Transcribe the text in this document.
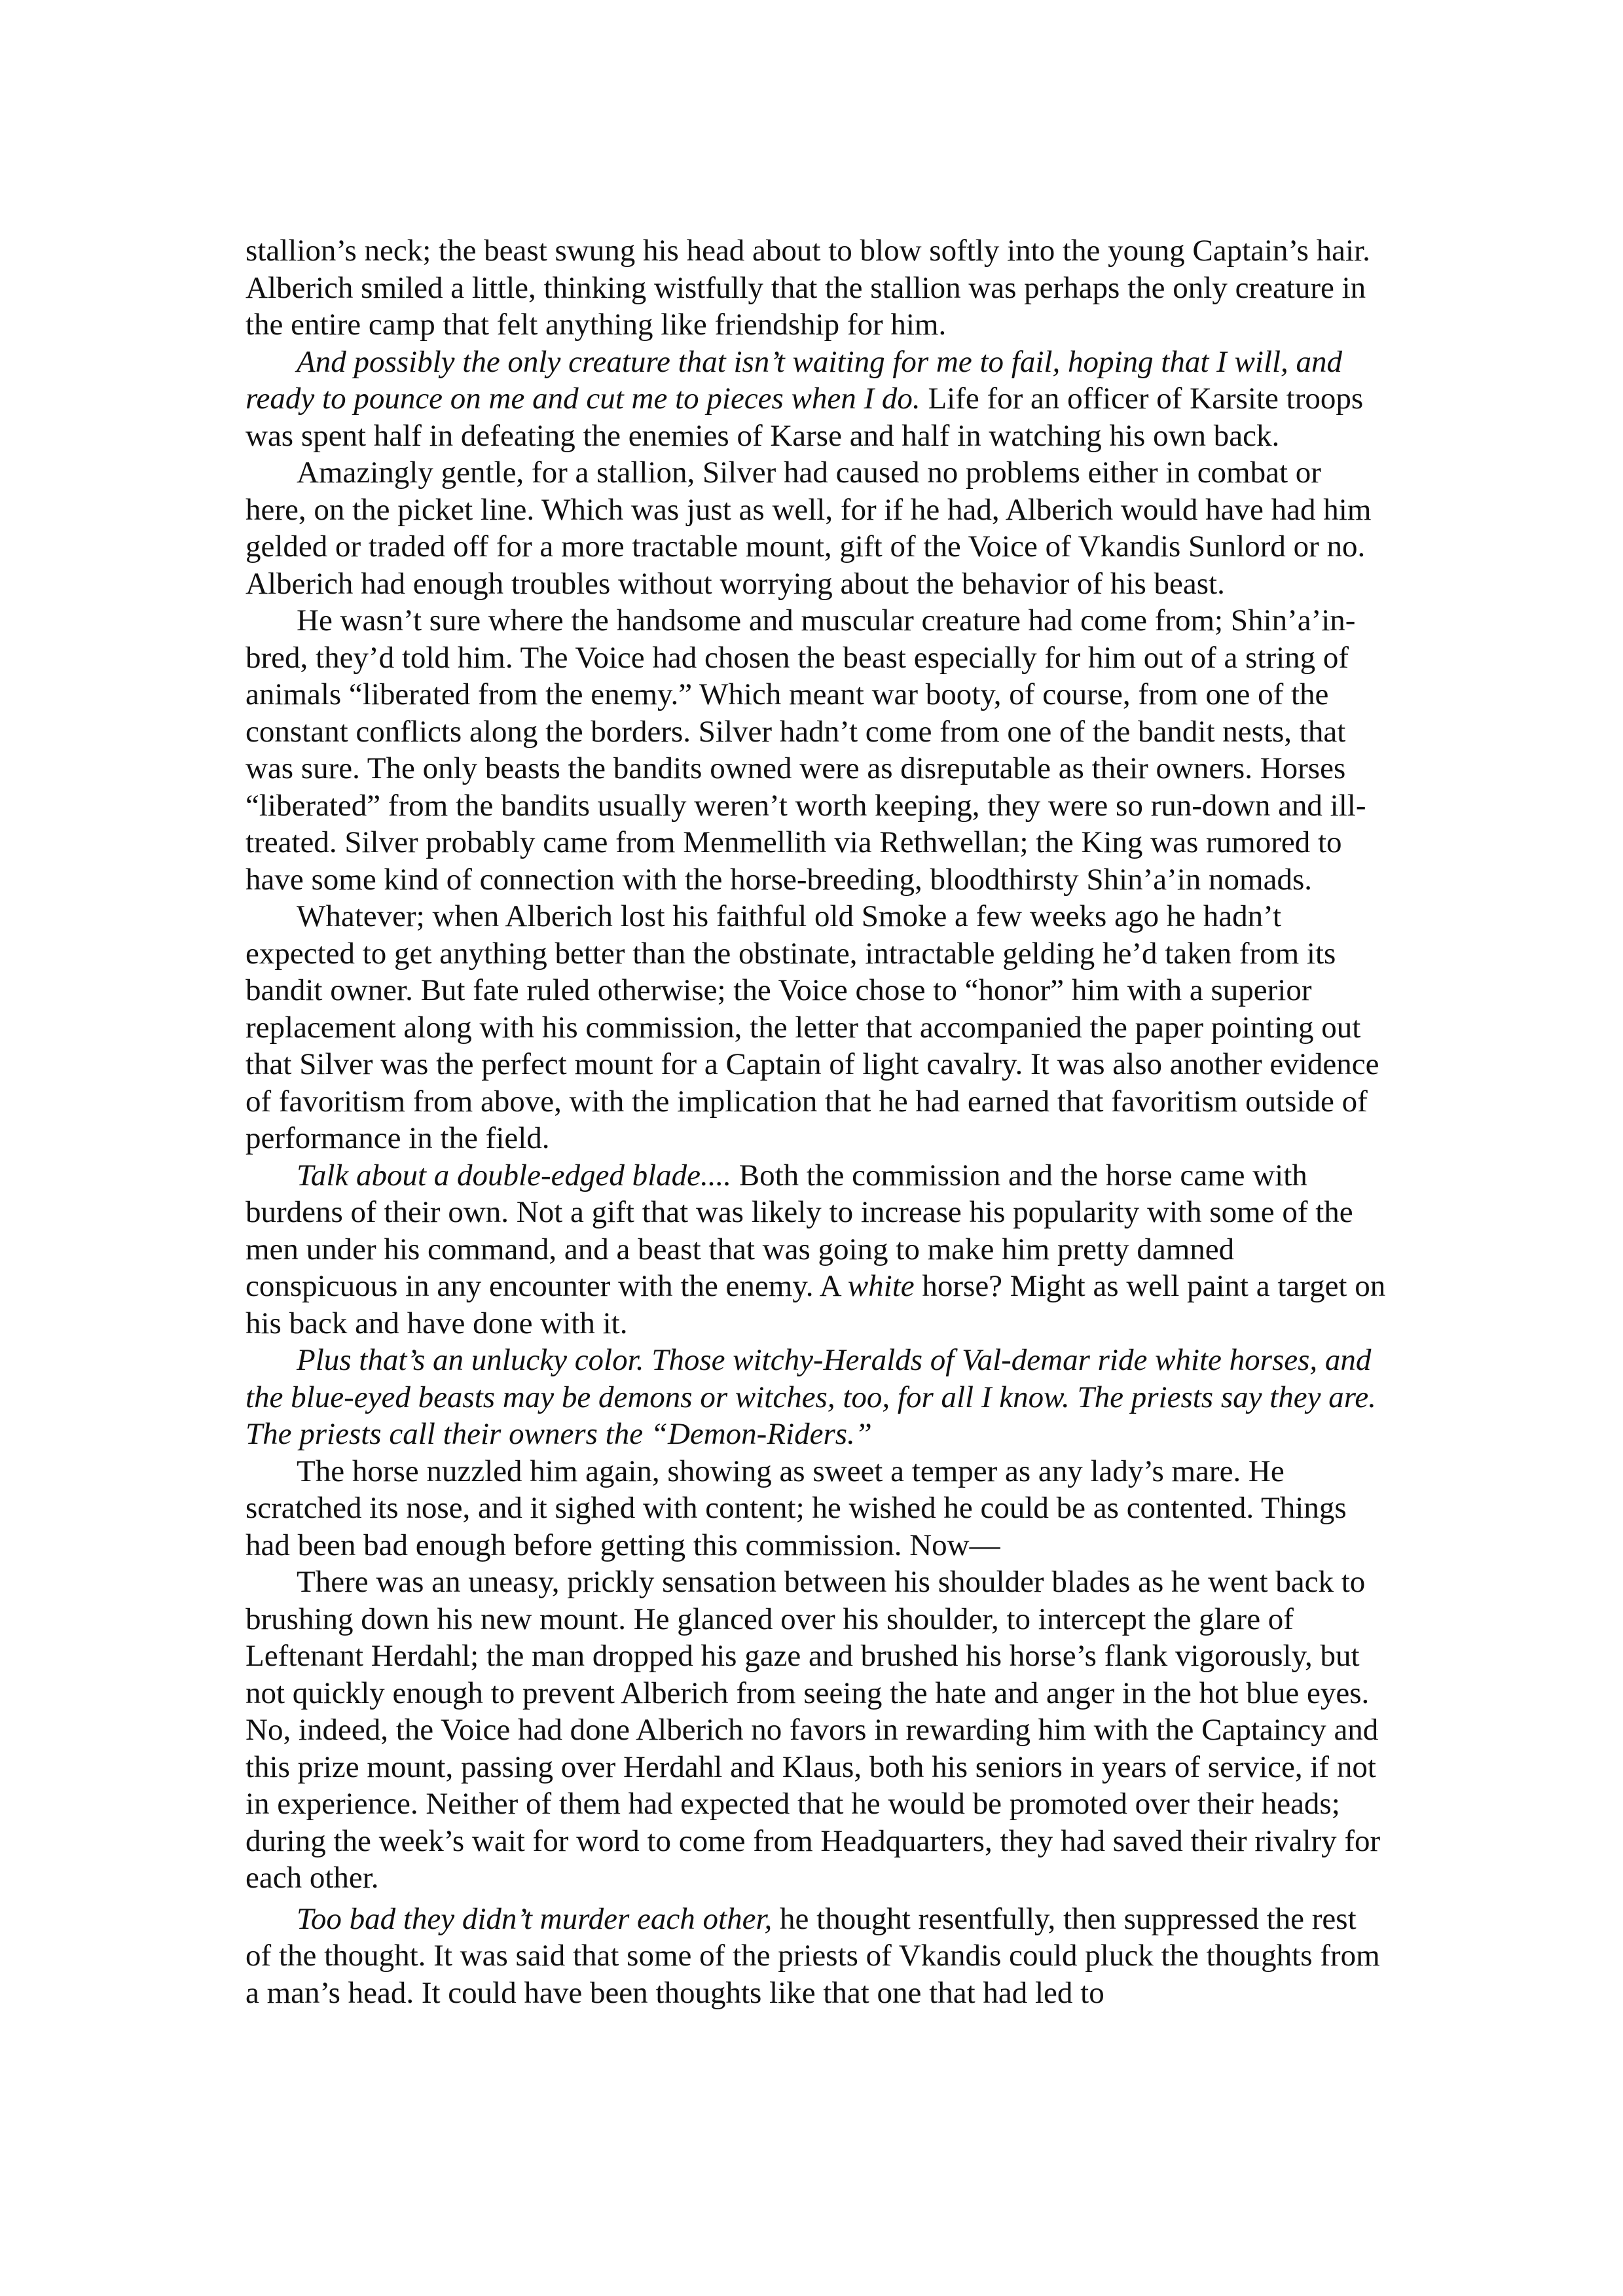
stallion’s neck; the beast swung his head about to blow softly into the young Captain’s hair. Alberich smiled a little, thinking wistfully that the stallion was perhaps the only creature in the entire camp that felt anything like friendship for him.

And possibly the only creature that isn’t waiting for me to fail, hoping that I will, and ready to pounce on me and cut me to pieces when I do. Life for an officer of Karsite troops was spent half in defeating the enemies of Karse and half in watching his own back.

Amazingly gentle, for a stallion, Silver had caused no problems either in combat or here, on the picket line. Which was just as well, for if he had, Alberich would have had him gelded or traded off for a more tractable mount, gift of the Voice of Vkandis Sunlord or no. Alberich had enough troubles without worrying about the behavior of his beast.

He wasn’t sure where the handsome and muscular creature had come from; Shin’a’in-bred, they’d told him. The Voice had chosen the beast especially for him out of a string of animals “liberated from the enemy.” Which meant war booty, of course, from one of the constant conflicts along the borders. Silver hadn’t come from one of the bandit nests, that was sure. The only beasts the bandits owned were as disreputable as their owners. Horses “liberated” from the bandits usually weren’t worth keeping, they were so run-down and ill-treated. Silver probably came from Menmellith via Rethwellan; the King was rumored to have some kind of connection with the horse-breeding, bloodthirsty Shin’a’in nomads.

Whatever; when Alberich lost his faithful old Smoke a few weeks ago he hadn’t expected to get anything better than the obstinate, intractable gelding he’d taken from its bandit owner. But fate ruled otherwise; the Voice chose to “honor” him with a superior replacement along with his commission, the letter that accompanied the paper pointing out that Silver was the perfect mount for a Captain of light cavalry. It was also another evidence of favoritism from above, with the implication that he had earned that favoritism outside of performance in the field.

Talk about a double-edged blade.... Both the commission and the horse came with burdens of their own. Not a gift that was likely to increase his popularity with some of the men under his command, and a beast that was going to make him pretty damned conspicuous in any encounter with the enemy. A white horse? Might as well paint a target on his back and have done with it.

Plus that’s an unlucky color. Those witchy-Heralds of Val-demar ride white horses, and the blue-eyed beasts may be demons or witches, too, for all I know. The priests say they are. The priests call their owners the “Demon-Riders.”

The horse nuzzled him again, showing as sweet a temper as any lady’s mare. He scratched its nose, and it sighed with content; he wished he could be as contented. Things had been bad enough before getting this commission. Now—

There was an uneasy, prickly sensation between his shoulder blades as he went back to brushing down his new mount. He glanced over his shoulder, to intercept the glare of Leftenant Herdahl; the man dropped his gaze and brushed his horse’s flank vigorously, but not quickly enough to prevent Alberich from seeing the hate and anger in the hot blue eyes. No, indeed, the Voice had done Alberich no favors in rewarding him with the Captaincy and this prize mount, passing over Herdahl and Klaus, both his seniors in years of service, if not in experience. Neither of them had expected that he would be promoted over their heads; during the week’s wait for word to come from Headquarters, they had saved their rivalry for each other.

Too bad they didn’t murder each other, he thought resentfully, then suppressed the rest of the thought. It was said that some of the priests of Vkandis could pluck the thoughts from a man’s head. It could have been thoughts like that one that had led to
